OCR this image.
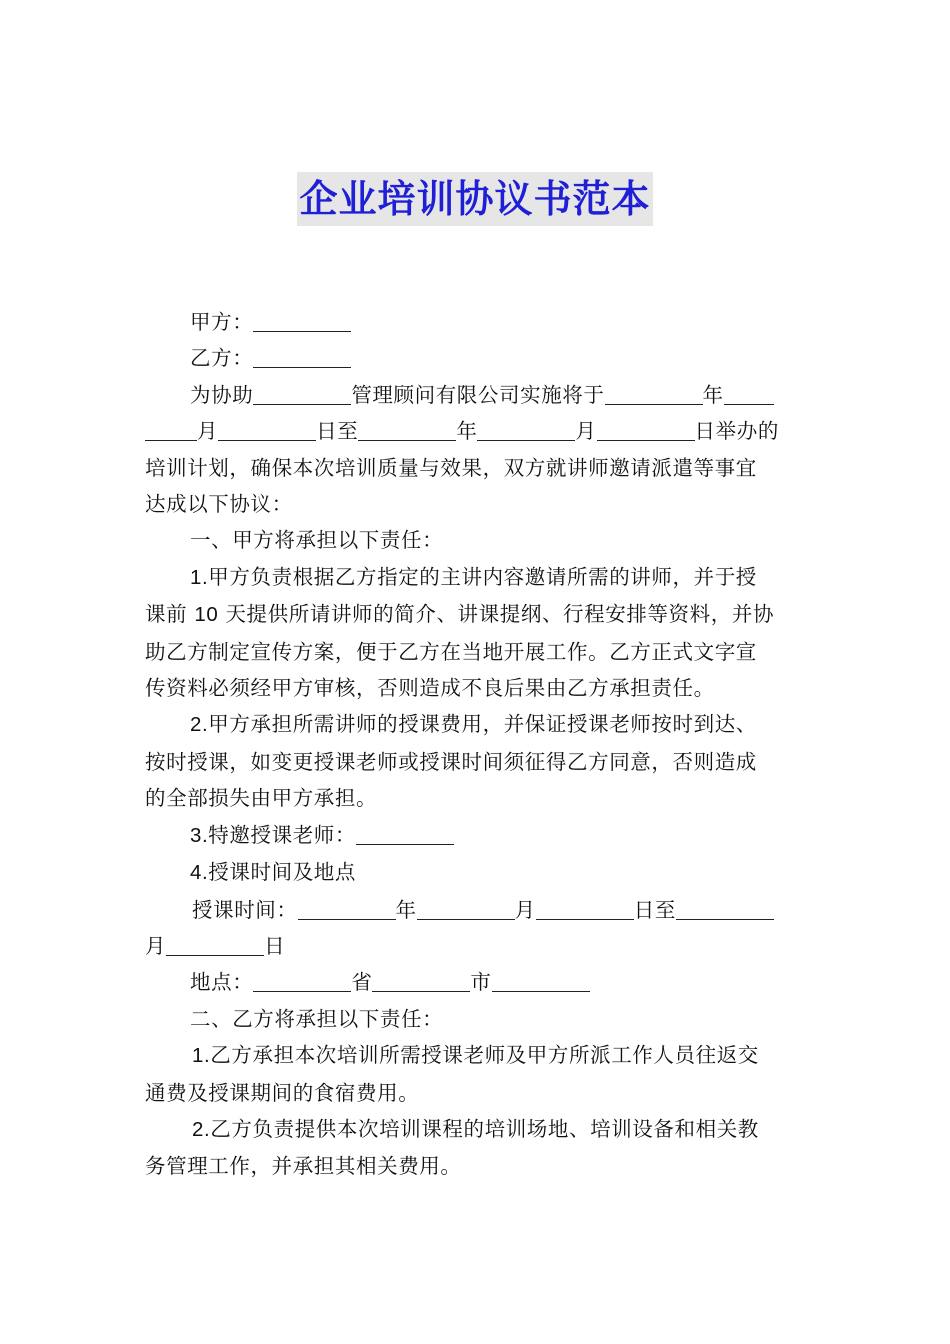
企业培训协议书范本
甲方：
乙方：
为协助	管理顾问有限公司实施将于	年
月	日至	年	月	日举办的
培训计划，确保本次培训质量与效果，双方就讲师邀请派遣等事宜
达成以下协议：
一、甲方将承担以下责任：
1.甲方负责根据乙方指定的主讲内容邀请所需的讲师，并于授
课前 10 天提供所请讲师的简介、讲课提纲、行程安排等资料，并协
助乙方制定宣传方案，便于乙方在当地开展工作。乙方正式文字宣
传资料必须经甲方审核，否则造成不良后果由乙方承担责任。
2.甲方承担所需讲师的授课费用，并保证授课老师按时到达、
按时授课，如变更授课老师或授课时间须征得乙方同意，否则造成
的全部损失由甲方承担。
3.特邀授课老师：
4.授课时间及地点
授课时间：	年	月	日至
月	日
地点：	省	市
二、乙方将承担以下责任：
1.乙方承担本次培训所需授课老师及甲方所派工作人员往返交
通费及授课期间的食宿费用。
2.乙方负责提供本次培训课程的培训场地、培训设备和相关教
务管理工作，并承担其相关费用。
